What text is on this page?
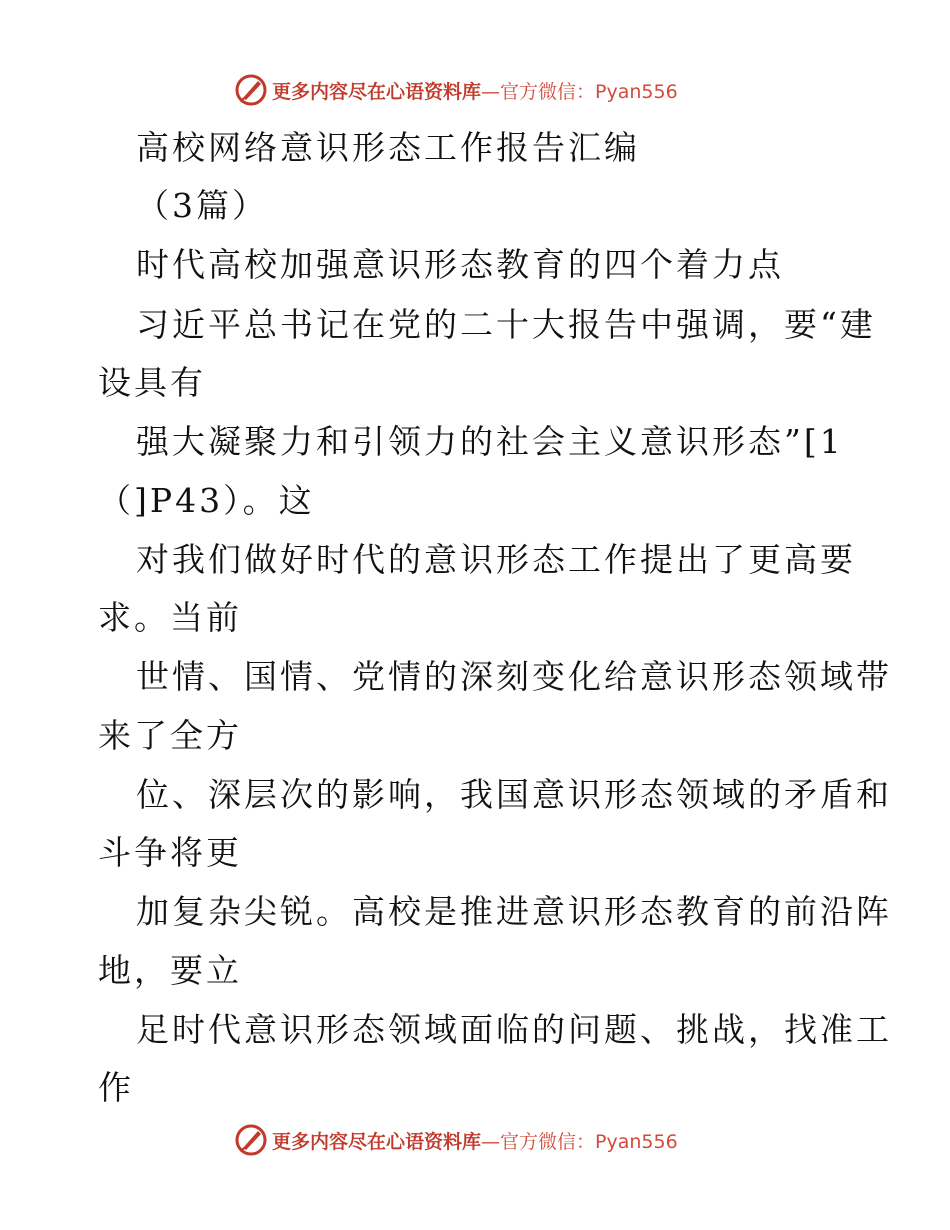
更多内容尽在心语资料库 —官方微信：Pyan556
高校网络意识形态工作报告汇编
（3篇）
时代高校加强意识形态教育的四个着力点
习近平总书记在党的二十大报告中强调，要“建
设具有
强大凝聚力和引领力的社会主义意识形态”[1
（]P43）。这
对我们做好时代的意识形态工作提出了更高要
求。当前
世情、国情、党情的深刻变化给意识形态领域带
来了全方
位、深层次的影响，我国意识形态领域的矛盾和
斗争将更
加复杂尖锐。高校是推进意识形态教育的前沿阵
地，要立
足时代意识形态领域面临的问题、挑战，找准工
作
更多内容尽在心语资料库 —官方微信：Pyan556
